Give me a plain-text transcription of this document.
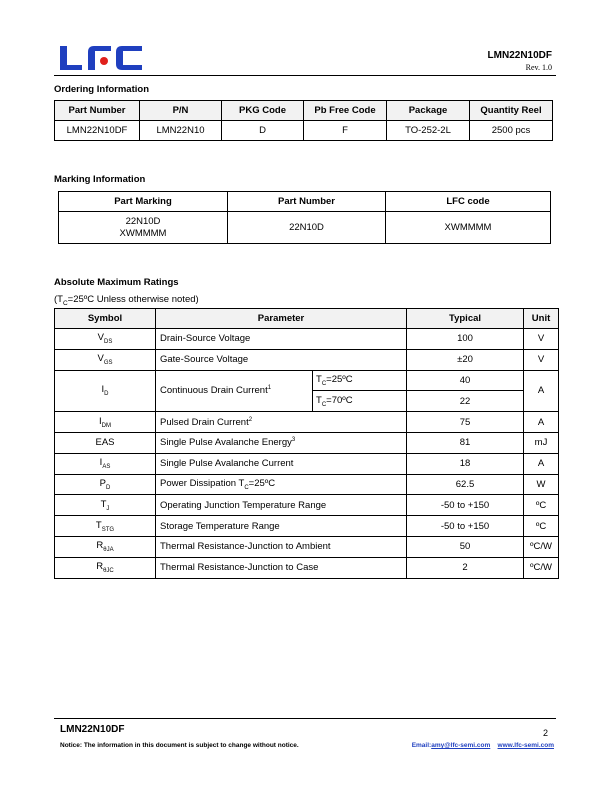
LMN22N10DF
Rev. 1.0
Ordering Information
Part Number	P/N	PKG Code	Pb Free Code	Package	Quantity Reel
LMN22N10DF	LMN22N10	D	F	TO-252-2L	2500 pcs
Marking Information
Part Marking	Part Number	LFC code

22N10D
XWMMMM	22N10D	XWMMMM
Absolute Maximum Ratings
($T_C=25ºC$ Unless otherwise noted)
Symbol	Parameter		Typical	Unit
$V_{DS}$	Drain-Source Voltage		100	V
$V_{GS}$	Gate-Source Voltage		±20	V
$I_D$	Continuous Drain Current$^1$	$T_C=25ºC$	40	A
		$T_C=70ºC$	22	
$I_{DM}$	Pulsed Drain Current$^2$		75	A
EAS	Single Pulse Avalanche Energy$^3$		81	mJ
$I_{AS}$	Single Pulse Avalanche Current		18	A
$P_D$	Power Dissipation $T_C=25ºC$		62.5	W
$T_J$	Operating Junction Temperature Range		-50 to +150	ºC
$T_{STG}$	Storage Temperature Range		-50 to +150	ºC
$R_{\theta JA}$	Thermal Resistance-Junction to Ambient		50	ºC/W
$R_{\theta JC}$	Thermal Resistance-Junction to Case		2	ºC/W
LMN22N10DF	2
Notice: The information in this document is subject to change without notice.	Email:amy@lfc-semi.com www.lfc-semi.com
